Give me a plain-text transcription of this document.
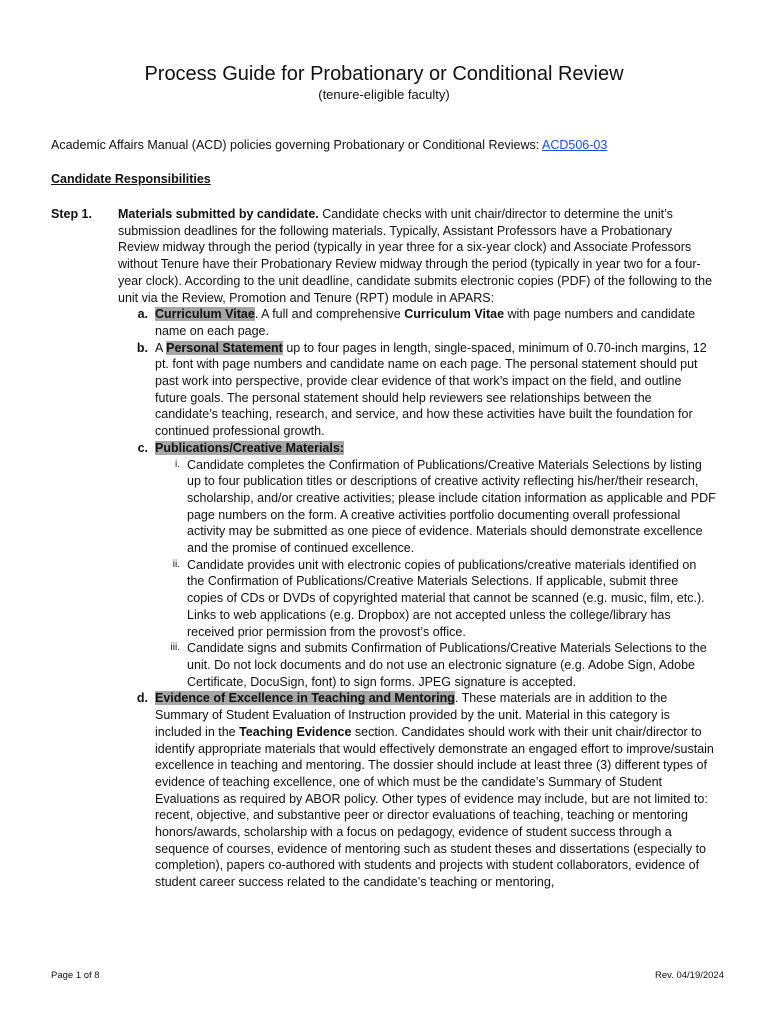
Process Guide for Probationary or Conditional Review
(tenure-eligible faculty)
Academic Affairs Manual (ACD) policies governing Probationary or Conditional Reviews: ACD506-03
Candidate Responsibilities
Step 1. Materials submitted by candidate. Candidate checks with unit chair/director to determine the unit’s submission deadlines for the following materials. Typically, Assistant Professors have a Probationary Review midway through the period (typically in year three for a six-year clock) and Associate Professors without Tenure have their Probationary Review midway through the period (typically in year two for a four-year clock). According to the unit deadline, candidate submits electronic copies (PDF) of the following to the unit via the Review, Promotion and Tenure (RPT) module in APARS:

a. Curriculum Vitae. A full and comprehensive Curriculum Vitae with page numbers and candidate name on each page.
b. A Personal Statement up to four pages in length, single-spaced, minimum of 0.70-inch margins, 12 pt. font with page numbers and candidate name on each page. The personal statement should put past work into perspective, provide clear evidence of that work’s impact on the field, and outline future goals. The personal statement should help reviewers see relationships between the candidate’s teaching, research, and service, and how these activities have built the foundation for continued professional growth.
c. Publications/Creative Materials:
i. Candidate completes the Confirmation of Publications/Creative Materials Selections by listing up to four publication titles or descriptions of creative activity reflecting his/her/their research, scholarship, and/or creative activities; please include citation information as applicable and PDF page numbers on the form. A creative activities portfolio documenting overall professional activity may be submitted as one piece of evidence. Materials should demonstrate excellence and the promise of continued excellence.
ii. Candidate provides unit with electronic copies of publications/creative materials identified on the Confirmation of Publications/Creative Materials Selections. If applicable, submit three copies of CDs or DVDs of copyrighted material that cannot be scanned (e.g. music, film, etc.). Links to web applications (e.g. Dropbox) are not accepted unless the college/library has received prior permission from the provost’s office.
iii. Candidate signs and submits Confirmation of Publications/Creative Materials Selections to the unit. Do not lock documents and do not use an electronic signature (e.g. Adobe Sign, Adobe Certificate, DocuSign, font) to sign forms. JPEG signature is accepted.
d. Evidence of Excellence in Teaching and Mentoring. These materials are in addition to the Summary of Student Evaluation of Instruction provided by the unit. Material in this category is included in the Teaching Evidence section. Candidates should work with their unit chair/director to identify appropriate materials that would effectively demonstrate an engaged effort to improve/sustain excellence in teaching and mentoring. The dossier should include at least three (3) different types of evidence of teaching excellence, one of which must be the candidate’s Summary of Student Evaluations as required by ABOR policy. Other types of evidence may include, but are not limited to: recent, objective, and substantive peer or director evaluations of teaching, teaching or mentoring honors/awards, scholarship with a focus on pedagogy, evidence of student success through a sequence of courses, evidence of mentoring such as student theses and dissertations (especially to completion), papers co-authored with students and projects with student collaborators, evidence of student career success related to the candidate’s teaching or mentoring,
Page 1 of 8	Rev. 04/19/2024
